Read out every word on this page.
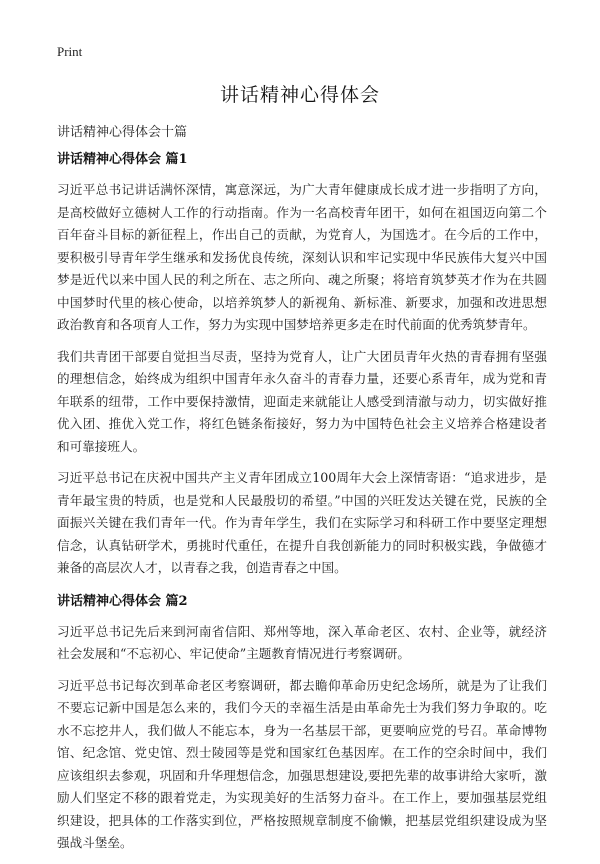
Print
讲话精神心得体会
讲话精神心得体会十篇
讲话精神心得体会 篇1

习近平总书记讲话满怀深情，寓意深远，为广大青年健康成长成才进一步指明了方向，是高校做好立德树人工作的行动指南。作为一名高校青年团干，如何在祖国迈向第二个百年奋斗目标的新征程上，作出自己的贡献，为党育人，为国选才。在今后的工作中，要积极引导青年学生继承和发扬优良传统，深刻认识和牢记实现中华民族伟大复兴中国梦是近代以来中国人民的利之所在、志之所向、魂之所聚；将培育筑梦英才作为在共圆中国梦时代里的核心使命，以培养筑梦人的新视角、新标准、新要求，加强和改进思想政治教育和各项育人工作，努力为实现中国梦培养更多走在时代前面的优秀筑梦青年。

我们共青团干部要自觉担当尽责，坚持为党育人，让广大团员青年火热的青春拥有坚强的理想信念，始终成为组织中国青年永久奋斗的青春力量，还要心系青年，成为党和青年联系的纽带，工作中要保持激情，迎面走来就能让人感受到清澈与动力，切实做好推优入团、推优入党工作，将红色链条衔接好，努力为中国特色社会主义培养合格建设者和可靠接班人。

习近平总书记在庆祝中国共产主义青年团成立100周年大会上深情寄语：“追求进步，是青年最宝贵的特质，也是党和人民最殷切的希望。”中国的兴旺发达关键在党，民族的全面振兴关键在我们青年一代。作为青年学生，我们在实际学习和科研工作中要坚定理想信念，认真钻研学术，勇挑时代重任，在提升自我创新能力的同时积极实践，争做德才兼备的高层次人才，以青春之我，创造青春之中国。

讲话精神心得体会 篇2

习近平总书记先后来到河南省信阳、郑州等地，深入革命老区、农村、企业等，就经济社会发展和“不忘初心、牢记使命”主题教育情况进行考察调研。

习近平总书记每次到革命老区考察调研，都去瞻仰革命历史纪念场所，就是为了让我们不要忘记新中国是怎么来的，我们今天的幸福生活是由革命先士为我们努力争取的。吃水不忘挖井人，我们做人不能忘本，身为一名基层干部，更要响应党的号召。革命博物馆、纪念馆、党史馆、烈士陵园等是党和国家红色基因库。在工作的空余时间中，我们应该组织去参观，巩固和升华理想信念，加强思想建设,要把先辈的故事讲给大家听，激励人们坚定不移的跟着党走，为实现美好的生活努力奋斗。在工作上，要加强基层党组织建设，把具体的工作落实到位，严格按照规章制度不偷懒，把基层党组织建设成为坚强战斗堡垒。
